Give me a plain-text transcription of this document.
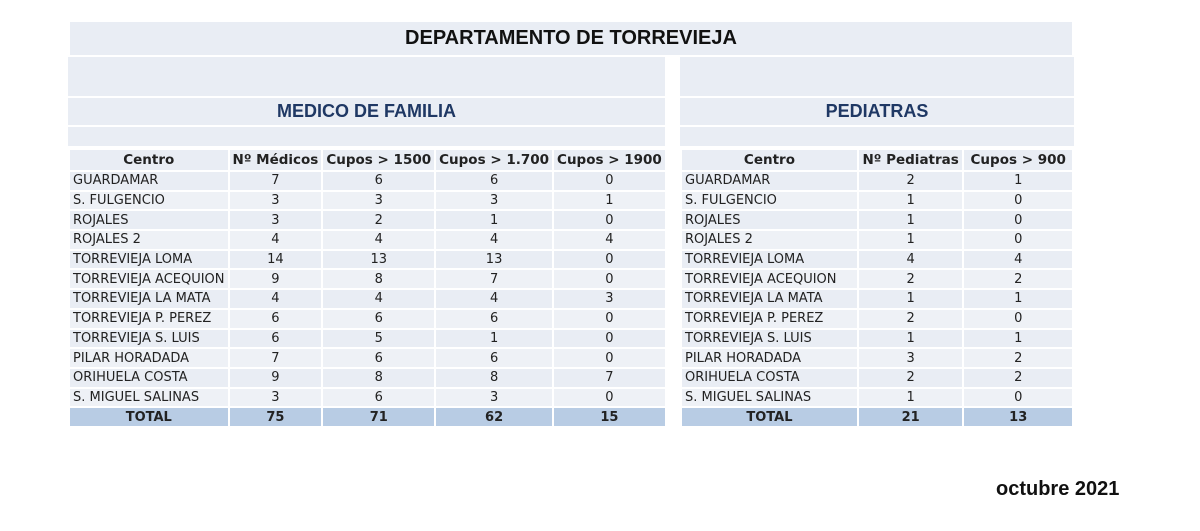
DEPARTAMENTO DE TORREVIEJA
MEDICO DE FAMILIA
Centro	Nº Médicos	Cupos > 1500	Cupos > 1.700	Cupos > 1900
GUARDAMAR	7	6	6	0
S. FULGENCIO	3	3	3	1
ROJALES	3	2	1	0
ROJALES 2	4	4	4	4
TORREVIEJA LOMA	14	13	13	0
TORREVIEJA ACEQUION	9	8	7	0
TORREVIEJA LA MATA	4	4	4	3
TORREVIEJA P. PEREZ	6	6	6	0
TORREVIEJA S. LUIS	6	5	1	0
PILAR HORADADA	7	6	6	0
ORIHUELA COSTA	9	8	8	7
S. MIGUEL SALINAS	3	6	3	0
TOTAL	75	71	62	15
PEDIATRAS
Centro	Nº Pediatras	Cupos > 900
GUARDAMAR	2	1
S. FULGENCIO	1	0
ROJALES	1	0
ROJALES 2	1	0
TORREVIEJA LOMA	4	4
TORREVIEJA ACEQUION	2	2
TORREVIEJA LA MATA	1	1
TORREVIEJA P. PEREZ	2	0
TORREVIEJA S. LUIS	1	1
PILAR HORADADA	3	2
ORIHUELA COSTA	2	2
S. MIGUEL SALINAS	1	0
TOTAL	21	13
octubre 2021
